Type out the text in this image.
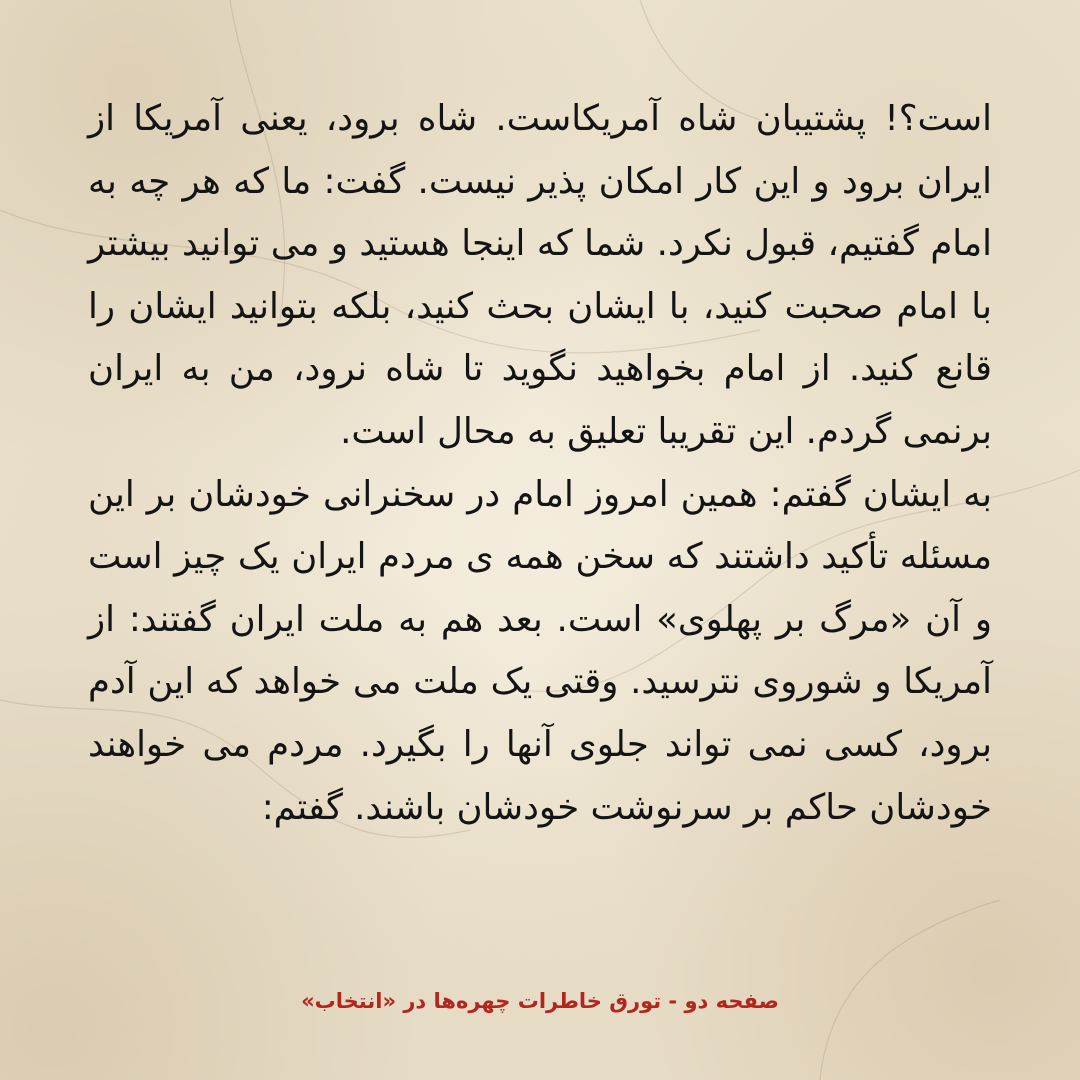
است؟! پشتیبان شاه آمریکاست. شاه برود، یعنی آمریکا از ایران برود و این کار امکان پذیر نیست. گفت: ما که هر چه به امام گفتیم، قبول نکرد. شما که اینجا هستید و می توانید بیشتر با امام صحبت کنید، با ایشان بحث کنید، بلکه بتوانید ایشان را قانع کنید. از امام بخواهید نگوید تا شاه نرود، من به ایران برنمی گردم. این تقریبا تعلیق به محال است.

به ایشان گفتم: همین امروز امام در سخنرانی خودشان بر این مسئله تأکید داشتند که سخن همه ی مردم ایران یک چیز است و آن «مرگ بر پهلوی» است. بعد هم به ملت ایران گفتند: از آمریکا و شوروی نترسید. وقتی یک ملت می خواهد که این آدم برود، کسی نمی تواند جلوی آنها را بگیرد. مردم می خواهند خودشان حاکم بر سرنوشت خودشان باشند. گفتم:

صفحه دو - تورق خاطرات چهره‌ها در «انتخاب»
